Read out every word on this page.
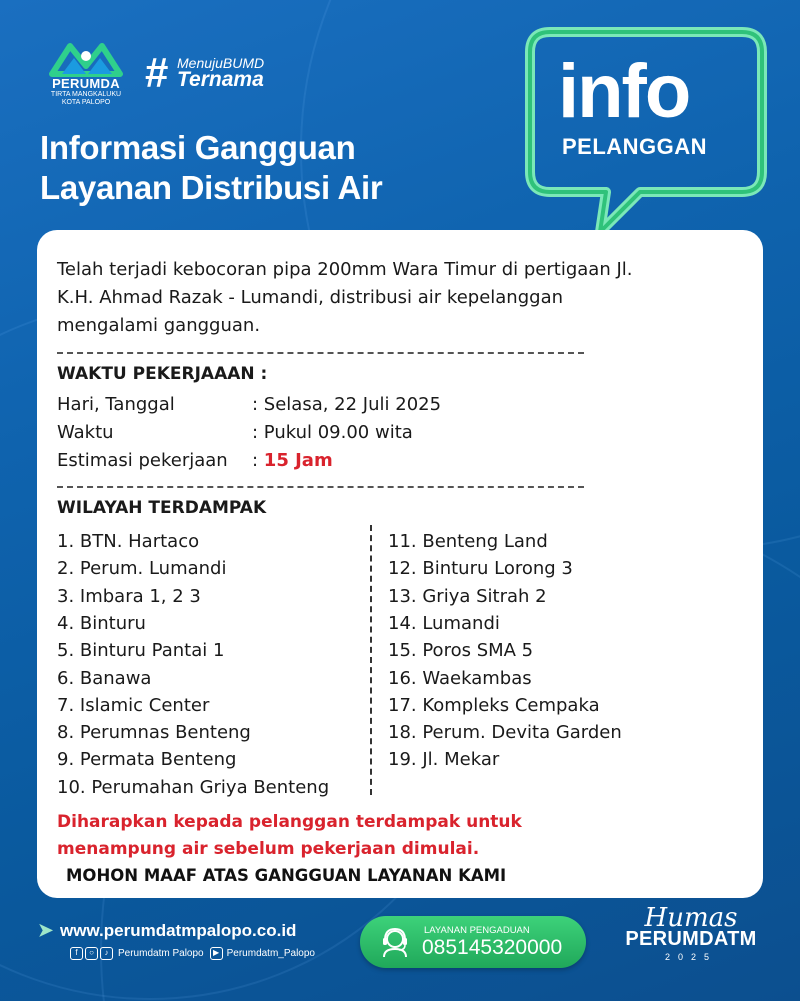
PERUMDA
TIRTA MANGKALUKU
KOTA PALOPO
# MenujuBUMD
Ternama
Informasi Gangguan
Layanan Distribusi Air
info
PELANGGAN
Telah terjadi kebocoran pipa 200mm Wara Timur di pertigaan Jl. K.H. Ahmad Razak - Lumandi, distribusi air kepelanggan mengalami gangguan.
WAKTU PEKERJAAAN :
Hari, Tanggal	: Selasa, 22 Juli 2025
Waktu	: Pukul 09.00 wita
Estimasi pekerjaan : 15 Jam
WILAYAH TERDAMPAK
1. BTN. Hartaco
2. Perum. Lumandi
3. Imbara 1, 2 3
4. Binturu
5. Binturu Pantai 1
6. Banawa
7. Islamic Center
8. Perumnas Benteng
9. Permata Benteng
10. Perumahan Griya Benteng
11. Benteng Land
12. Binturu Lorong 3
13. Griya Sitrah 2
14. Lumandi
15. Poros SMA 5
16. Waekambas
17. Kompleks Cempaka
18. Perum. Devita Garden
19. Jl. Mekar
Diharapkan kepada pelanggan terdampak untuk
menampung air sebelum pekerjaan dimulai.
MOHON MAAF ATAS GANGGUAN LAYANAN KAMI
➤ www.perumdatmpalopo.co.id
f	○	♪ Perumdatm Palopo	▶ Perumdatm_Palopo
LAYANAN PENGADUAN
085145320000
Humas
PERUMDATM
2025
